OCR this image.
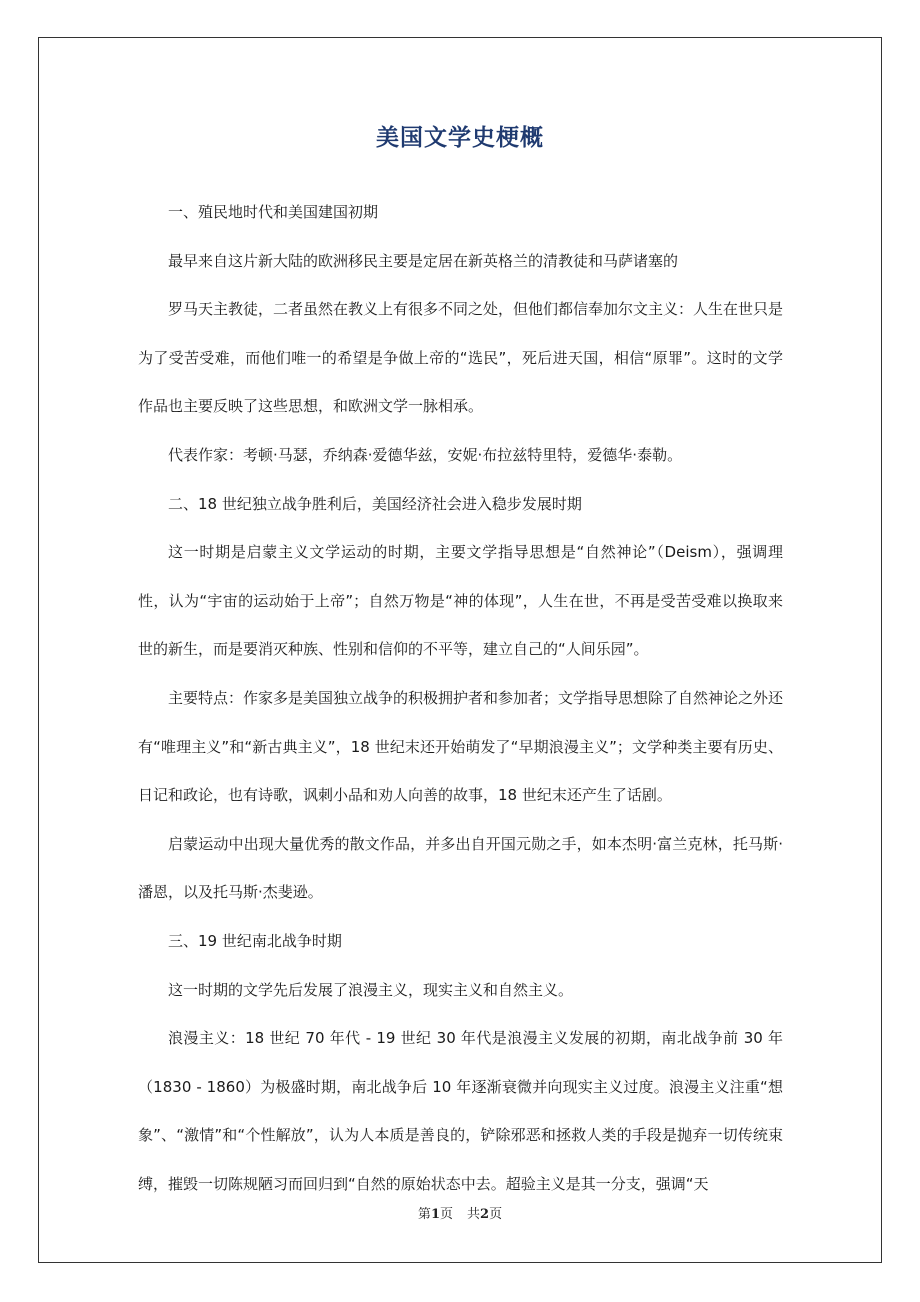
美国文学史梗概

一、殖民地时代和美国建国初期

最早来自这片新大陆的欧洲移民主要是定居在新英格兰的清教徒和马萨诸塞的

罗马天主教徒，二者虽然在教义上有很多不同之处，但他们都信奉加尔文主义：人生在世只是为了受苦受难，而他们唯一的希望是争做上帝的“选民”，死后进天国，相信“原罪”。这时的文学作品也主要反映了这些思想，和欧洲文学一脉相承。

代表作家：考顿·马瑟，乔纳森·爱德华兹，安妮·布拉兹特里特，爱德华·泰勒。

二、18 世纪独立战争胜利后，美国经济社会进入稳步发展时期

这一时期是启蒙主义文学运动的时期，主要文学指导思想是“自然神论”（Deism），强调理性，认为“宇宙的运动始于上帝”；自然万物是“神的体现”，人生在世，不再是受苦受难以换取来世的新生，而是要消灭种族、性别和信仰的不平等，建立自己的“人间乐园”。

主要特点：作家多是美国独立战争的积极拥护者和参加者；文学指导思想除了自然神论之外还有“唯理主义”和“新古典主义”，18 世纪末还开始萌发了“早期浪漫主义”；文学种类主要有历史、日记和政论，也有诗歌，讽刺小品和劝人向善的故事，18 世纪末还产生了话剧。

启蒙运动中出现大量优秀的散文作品，并多出自开国元勋之手，如本杰明·富兰克林，托马斯·潘恩，以及托马斯·杰斐逊。

三、19 世纪南北战争时期

这一时期的文学先后发展了浪漫主义，现实主义和自然主义。

浪漫主义：18 世纪 70 年代 - 19 世纪 30 年代是浪漫主义发展的初期，南北战争前 30 年（1830 - 1860）为极盛时期，南北战争后 10 年逐渐衰微并向现实主义过度。浪漫主义注重“想象”、“激情”和“个性解放”，认为人本质是善良的，铲除邪恶和拯救人类的手段是抛弃一切传统束缚，摧毁一切陈规陋习而回归到“自然的原始状态中去。超验主义是其一分支，强调“天

第1页 共2页
